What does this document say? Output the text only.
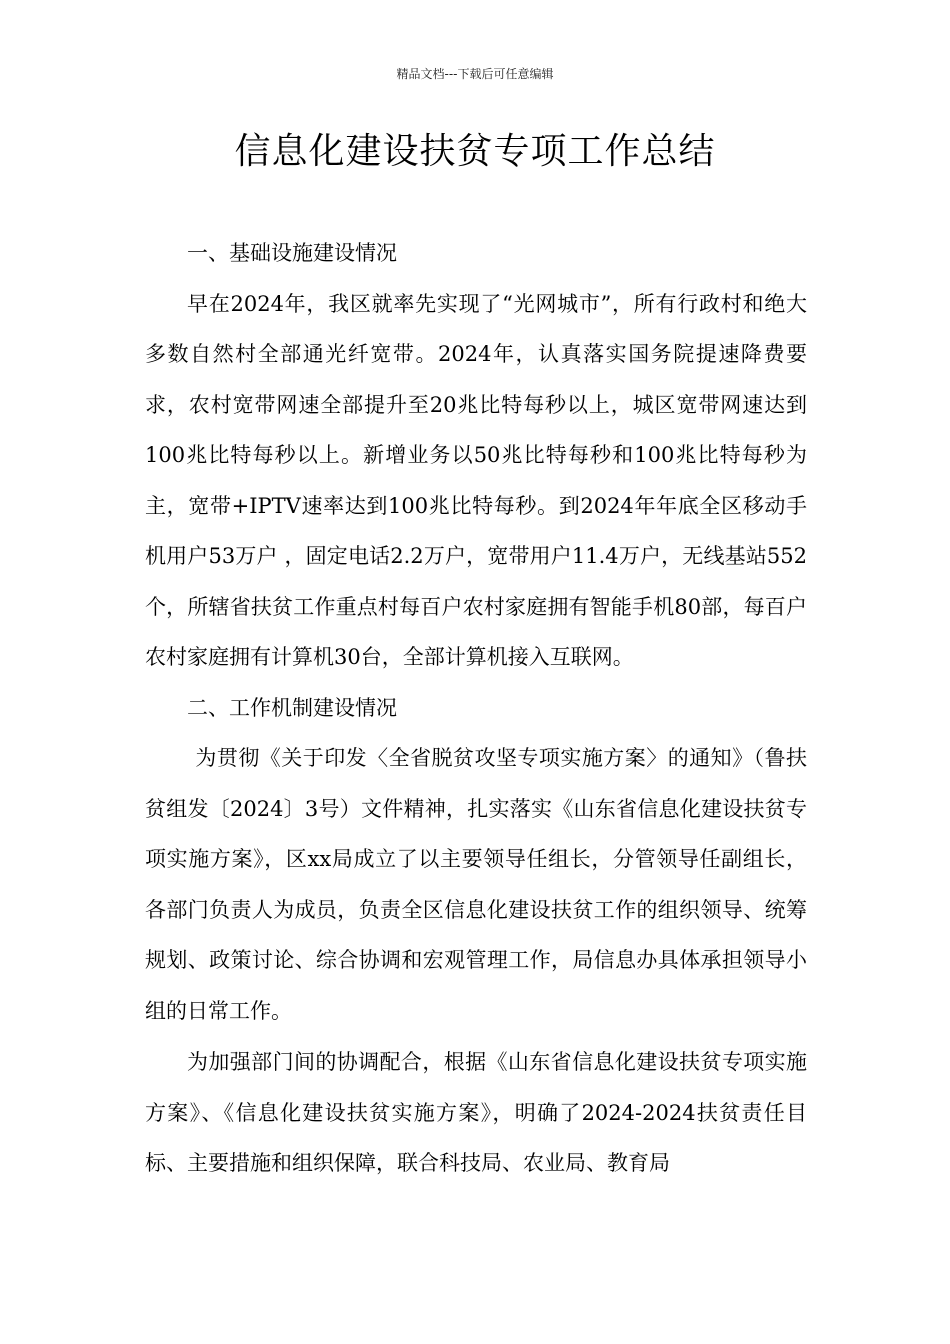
精品文档---下载后可任意编辑
信息化建设扶贫专项工作总结

一、基础设施建设情况

早在2024年，我区就率先实现了“光网城市”，所有行政村和绝大多数自然村全部通光纤宽带。2024年，认真落实国务院提速降费要求，农村宽带网速全部提升至20兆比特每秒以上，城区宽带网速达到100兆比特每秒以上。新增业务以50兆比特每秒和100兆比特每秒为主，宽带+IPTV速率达到100兆比特每秒。到2024年年底全区移动手机用户53万户 ，固定电话2.2万户，宽带用户11.4万户，无线基站552 个，所辖省扶贫工作重点村每百户农村家庭拥有智能手机80部，每百户农村家庭拥有计算机30台，全部计算机接入互联网。

二、工作机制建设情况

为贯彻《关于印发〈全省脱贫攻坚专项实施方案〉的通知》（鲁扶贫组发〔2024〕3号）文件精神，扎实落实《山东省信息化建设扶贫专项实施方案》，区xx局成立了以主要领导任组长，分管领导任副组长，各部门负责人为成员，负责全区信息化建设扶贫工作的组织领导、统筹规划、政策讨论、综合协调和宏观管理工作，局信息办具体承担领导小组的日常工作。

为加强部门间的协调配合，根据《山东省信息化建设扶贫专项实施方案》、《信息化建设扶贫实施方案》，明确了2024-2024扶贫责任目标、主要措施和组织保障，联合科技局、农业局、教育局
